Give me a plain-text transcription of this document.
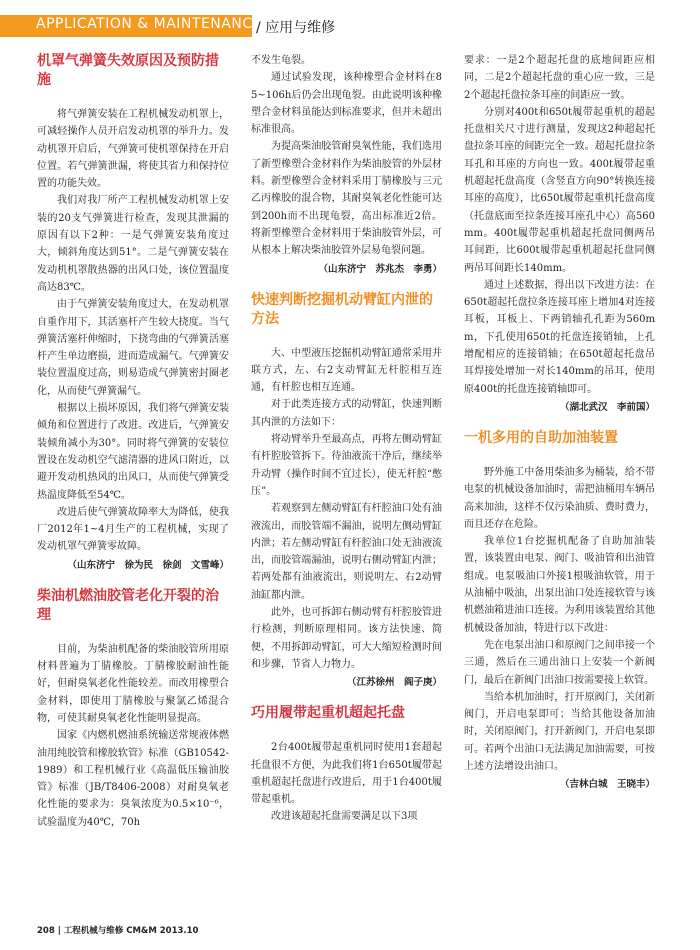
APPLICATION & MAINTENANCE
/ 应用与维修
机罩气弹簧失效原因及预防措施

将气弹簧安装在工程机械发动机罩上，可减轻操作人员开启发动机罩的举升力。发动机罩开启后，气弹簧可使机罩保持在开启位置。若气弹簧泄漏，将使其省力和保持位置的功能失效。

我们对我厂所产工程机械发动机罩上安装的20支气弹簧进行检查，发现其泄漏的原因有以下2种：一是气弹簧安装角度过大，倾斜角度达到51°。二是气弹簧安装在发动机机罩散热器的出风口处，该位置温度高达83℃。

由于气弹簧安装角度过大，在发动机罩自重作用下，其活塞杆产生较大挠度。当气弹簧活塞杆伸缩时，下挠弯曲的气弹簧活塞杆产生单边磨损，进而造成漏气。气弹簧安装位置温度过高，则易造成气弹簧密封圈老化，从而使气弹簧漏气。

根据以上损坏原因，我们将气弹簧安装倾角和位置进行了改进。改进后，气弹簧安装倾角减小为30°。同时将气弹簧的安装位置设在发动机空气滤清器的进风口附近，以避开发动机热风的出风口，从而使气弹簧受热温度降低至54℃。

改进后使气弹簧故障率大为降低，使我厂2012年1~4月生产的工程机械，实现了发动机罩气弹簧零故障。

（山东济宁　徐为民　徐剑　文雪峰）
柴油机燃油胶管老化开裂的治理

目前，为柴油机配备的柴油胶管所用原材料普遍为丁腈橡胶。丁腈橡胶耐油性能好，但耐臭氧老化性能较差。而改用橡塑合金材料，即使用丁腈橡胶与聚氯乙烯混合物，可使其耐臭氧老化性能明显提高。

国家《内燃机燃油系统输送常规液体燃油用纯胶管和橡胶软管》标准（GB10542-1989）和工程机械行业《高温低压输油胶管》标准（JB/T8406-2008）对耐臭氧老化性能的要求为：臭氧浓度为0.5×10⁻⁶，试验温度为40℃，70h

不发生龟裂。

通过试验发现，该种橡塑合金材料在85~106h后仍会出现龟裂。由此说明该种橡塑合金材料虽能达到标准要求，但并未超出标准很高。

为提高柴油胶管耐臭氧性能，我们选用了新型橡塑合金材料作为柴油胶管的外层材料。新型橡塑合金材料采用丁腈橡胶与三元乙丙橡胶的混合物，其耐臭氧老化性能可达到200h而不出现龟裂，高出标准近2倍。将新型橡塑合金材料用于柴油胶管外层，可从根本上解决柴油胶管外层易龟裂问题。

（山东济宁　苏兆杰　李勇）
快速判断挖掘机动臂缸内泄的方法

大、中型液压挖掘机动臂缸通常采用并联方式，左、右2支动臂缸无杆腔相互连通，有杆腔也相互连通。

对于此类连接方式的动臂缸，快速判断其内泄的方法如下：

将动臂举升至最高点，再将左侧动臂缸有杆腔胶管拆下。待油液流干净后，继续举升动臂（操作时间不宜过长），使无杆腔“憋压”。

若观察到左侧动臂缸有杆腔油口处有油液流出，而胶管端不漏油，说明左侧动臂缸内泄；若左侧动臂缸有杆腔油口处无油液流出，而胶管端漏油，说明右侧动臂缸内泄；若两处都有油液流出，则说明左、右2动臂油缸都内泄。

此外，也可拆卸右侧动臂有杆腔胶管进行检测，判断原理相同。该方法快速、简便，不用拆卸动臂缸，可大大缩短检测时间和步骤，节省人力物力。

（江苏徐州　阎子庚）
巧用履带起重机超起托盘

2台400t履带起重机同时使用1套超起托盘很不方便，为此我们将1台650t履带起重机超起托盘进行改进后，用于1台400t履带起重机。

改进该超起托盘需要满足以下3项

要求：一是2个超起托盘的底地间距应相同，二是2个超起托盘的重心应一致，三是2个超起托盘拉条耳座的间距应一致。

分别对400t和650t履带起重机的超起托盘相关尺寸进行测量，发现这2种超起托盘拉条耳座的间距完全一致。超起托盘拉条耳孔和耳座的方向也一致。400t履带起重机超起托盘高度（含竖直方向90°转换连接耳座的高度），比650t履带起重机托盘高度（托盘底面至拉条连接耳座孔中心）高560mm。400t履带起重机超起托盘同侧两吊耳间距，比600t履带起重机超起托盘同侧两吊耳间距长140mm。

通过上述数据，得出以下改进方法：在650t超起托盘拉条连接耳座上增加4对连接耳板，耳板上、下两销轴孔孔距为560mm，下孔使用650t的托盘连接销轴，上孔增配相应的连接销轴；在650t超起托盘吊耳焊接处增加一对长140mm的吊耳，使用原400t的托盘连接销轴即可。

（湖北武汉　李前国）
一机多用的自助加油装置

野外施工中备用柴油多为桶装，给不带电泵的机械设备加油时，需把油桶用车辆吊高来加油，这样不仅污染油质、费时费力，而且还存在危险。

我单位1台挖掘机配备了自助加油装置，该装置由电泵、阀门、吸油管和出油管组成。电泵吸油口外接1根吸油软管，用于从油桶中吸油，出泵出油口处连接软管与该机燃油箱进油口连接。为利用该装置给其他机械设备加油，特进行以下改进：

先在电泵出油口和原阀门之间串接一个三通，然后在三通出油口上安装一个新阀门，最后在新阀门出油口按需要接上软管。

当给本机加油时，打开原阀门，关闭新阀门，开启电泵即可；当给其他设备加油时，关闭原阀门，打开新阀门，开启电泵即可。若两个出油口无法满足加油需要，可按上述方法增设出油口。

（吉林白城　王晓丰）
208 | 工程机械与维修 CM&M 2013.10
